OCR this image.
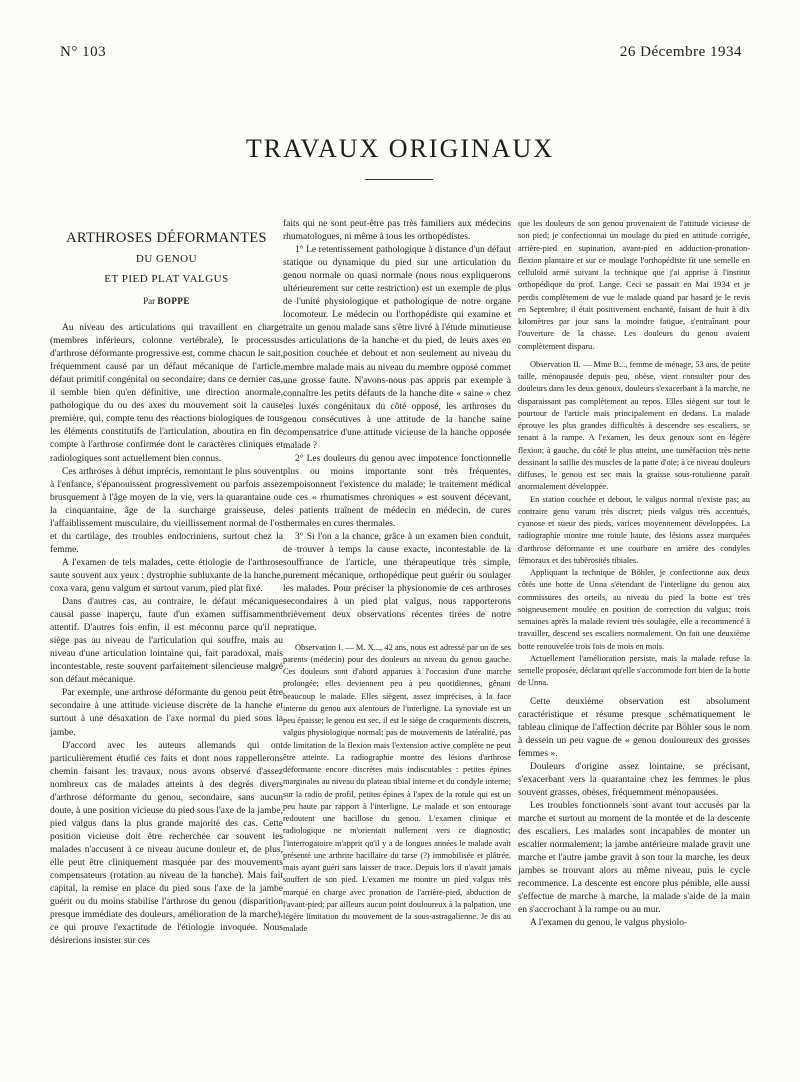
N° 103	26 Décembre 1934
TRAVAUX ORIGINAUX
ARTHROSES DÉFORMANTES
DU GENOU
ET PIED PLAT VALGUS
Par BOPPE

Au niveau des articulations qui travaillent en charge (membres inférieurs, colonne vertébrale), le processus d'arthrose déformante progressive est, comme chacun le sait, fréquemment causé par un défaut mécanique de l'article, défaut primitif congénital ou secondaire; dans ce dernier cas, il semble bien qu'en définitive, une direction anormale, pathologique du ou des axes du mouvement soit la cause première, qui, compte tenu des réactions biologiques de tous les éléments constitutifs de l'articulation, aboutira en fin de compte à l'arthrose confirmée dont le caractères cliniques et radiologiques sont actuellement bien connus.

Ces arthroses à début imprécis, remontant le plus souvent à l'enfance, s'épanouissent progressivement ou parfois assez brusquement à l'âge moyen de la vie, vers la quarantaine ou la cinquantaine, âge de la surcharge graisseuse, de l'affaiblissement musculaire, du vieillissement normal de l'os et du cartilage, des troubles endocriniens, surtout chez la femme.

A l'examen de tels malades, cette étiologie de l'arthrose saute souvent aux yeux : dystrophie subluxante de la hanche, coxa vara, genu valgum et surtout varum, pied plat fixé.

Dans d'autres cas, au contraire, le défaut mécanique causal passe inaperçu, faute d'un examen suffisamment attentif. D'autres fois enfin, il est méconnu parce qu'il ne siège pas au niveau de l'articulation qui souffre, mais au niveau d'une articulation lointaine qui, fait paradoxal, mais incontestable, reste souvent parfaitement silencieuse malgré son défaut mécanique.

Par exemple, une arthrose déformante du genou peut être secondaire à une attitude vicieuse discrète de la hanche et surtout à une désaxation de l'axe normal du pied sous la jambe.

D'accord avec les auteurs allemands qui ont particulièrement étudié ces faits et dont nous rappellerons chemin faisant les travaux, nous avons observé d'assez nombreux cas de malades atteints à des degrés divers d'arthrose déformante du genou, secondaire, sans aucun doute, à une position vicieuse du pied sous l'axe de la jambe, pied valgus dans la plus grande majorité des cas. Cette position vicieuse doit être recherchée car souvent les malades n'accusent à ce niveau aucune douleur et, de plus, elle peut être cliniquement masquée par des mouvements compensateurs (rotation au niveau de la hanche). Mais fait capital, la remise en place du pied sous l'axe de la jambe guérit ou du moins stabilise l'arthrose du genou (disparition presque immédiate des douleurs, amélioration de la marche), ce qui prouve l'exactitude de l'étiologie invoquée. Nous désirerions insister sur ces

faits qui ne sont peut-être pas très familiers aux médecins rhumatologues, ni même à tous les orthopédistes.

1° Le retentissement pathologique à distance d'un défaut statique ou dynamique du pied sur une articulation du genou normale ou quasi normale (nous nous expliquerons ultérieurement sur cette restriction) est un exemple de plus de l'unité physiologique et pathologique de notre organe locomoteur. Le médecin ou l'orthopédiste qui examine et traite un genou malade sans s'être livré à l'étude minutieuse des articulations de la hanche et du pied, de leurs axes en position couchée et debout et non seulement au niveau du membre malade mais au niveau du membre opposé commet une grosse faute. N'avons-nous pas appris par exemple à connaître les petits défauts de la hanche dite « saine » chez les luxés congénitaux du côté opposé, les arthroses du genou consécutives à une attitude de la hanche saine compensatrice d'une attitude vicieuse de la hanche opposée malade ?

2° Les douleurs du genou avec impotence fonctionnelle plus ou moins importante sont très fréquentes, empoisonnent l'existence du malade; le traitement médical de ces « rhumatismes chroniques » est souvent décevant, les patients traînent de médecin en médecin, de cures thermales en cures thermales.

3° Si l'on a la chance, grâce à un examen bien conduit, de trouver à temps la cause exacte, incontestable de la souffrance de l'article, une thérapeutique très simple, purement mécanique, orthopédique peut guérir ou soulager les malades. Pour préciser la physionomie de ces arthroses secondaires à un pied plat valgus, nous rapporterons brièvement deux observations récentes tirées de notre pratique.

Observation I. — M. X..., 42 ans, nous est adressé par un de ses parents (médecin) pour des douleurs au niveau du genou gauche. Ces douleurs sont d'abord apparues à l'occasion d'une marche prolongée; elles deviennent peu à peu quotidiennes, gênant beaucoup le malade. Elles siègent, assez imprécises, à la face interne du genou aux alentours de l'interligne. La synoviale est un peu épaisse; le genou est sec, il est le siège de craquements discrets, valgus physiologique normal; pas de mouvements de latéralité, pas de limitation de la flexion mais l'extension active complète ne peut être atteinte. La radiographie montre des lésions d'arthrose déformante encore discrètes mais indiscutables : petites épines marginales au niveau du plateau tibial interne et du condyle interne; sur la radio de profil, petites épines à l'apex de la rotule qui est un peu haute par rapport à l'interligne. Le malade et son entourage redoutent une bacillose du genou. L'examen clinique et radiologique ne m'orientait nullement vers ce diagnostic; l'interrogatoire m'apprit qu'il y a de longues années le malade avait présenté une arthrite bacillaire du tarse (?) immobilisée et plâtrée, mais ayant guéri sans laisser de trace. Depuis lors il n'avait jamais souffert de son pied. L'examen me montre un pied valgus très marqué en charge avec pronation de l'arrière-pied, abduction de l'avant-pied; par ailleurs aucun point douloureux à la palpation, une légère limitation du mouvement de la sous-astragalienne. Je dis au malade

que les douleurs de son genou provenaient de l'attitude vicieuse de son pied; je confectionnai un moulage du pied en attitude corrigée, arrière-pied en supination, avant-pied en adduction-pronation-flexion plantaire et sur ce moulage l'orthopédiste fit une semelle en celluloïd armé suivant la technique que j'ai apprise à l'institut orthopédique du prof. Lange. Ceci se passait en Mai 1934 et je perdis complètement de vue le malade quand par hasard je le revis en Septembre; il était positivement enchanté, faisant de huit à dix kilomètres par jour sans la moindre fatigue, s'entraînant pour l'ouverture de la chasse. Les douleurs du genou avaient complètement disparu.

Observation II. — Mme B..., femme de ménage, 53 ans, de petite taille, ménopausée depuis peu, obèse, vient consulter pour des douleurs dans les deux genoux, douleurs s'exacerbant à la marche, ne disparaissant pas complètement au repos. Elles siègent sur tout le pourtour de l'article mais principalement en dedans. La malade éprouve les plus grandes difficultés à descendre ses escaliers, se tenant à la rampe. A l'examen, les deux genoux sont en légère flexion; à gauche, du côté le plus atteint, une tuméfaction très nette dessinant la saillie des muscles de la patte d'oie; à ce niveau douleurs diffuses, le genou est sec mais la graisse sous-rotulienne paraît anormalement développée.

En station couchée et debout, le valgus normal n'existe pas; au contraire genu varum très discret; pieds valgus très accentués, cyanose et sueur des pieds, varices moyennement développées. La radiographie montre une rotule haute, des lésions assez marquées d'arthrose déformante et une courbure en arrière des condyles fémoraux et des tubérosités tibiales.

Appliquant la technique de Böhler, je confectionne aux deux côtés une botte de Unna s'étendant de l'interligne du genou aux commissures des orteils, au niveau du pied la botte est très soigneusement moulée en position de correction du valgus; trois semaines après la malade revient très soulagée, elle a recommencé à travailler, descend ses escaliers normalement. On fait une deuxième botte renouvelée trois fois de mois en mois.

Actuellement l'amélioration persiste, mais la malade refuse la semelle proposée, déclarant qu'elle s'accommode fort bien de la botte de Unna.

Cette deuxième observation est absolument caractéristique et résume presque schématiquement le tableau clinique de l'affection décrite par Böhler sous le nom à dessein un peu vague de « genou douloureux des grosses femmes ».

Douleurs d'origine assez lointaine, se précisant, s'exacerbant vers la quarantaine chez les femmes le plus souvent grasses, obèses, fréquemment ménopausées.

Les troubles fonctionnels sont avant tout accusés par la marche et surtout au moment de la montée et de la descente des escaliers. Les malades sont incapables de monter un escalier normalement; la jambe antérieure malade gravit une marche et l'autre jambe gravit à son tour la marche, les deux jambes se trouvant alors au même niveau, puis le cycle recommence. La descente est encore plus pénible, elle aussi s'effectue de marche à marche, la malade s'aide de la main en s'accrochant à la rampe ou au mur.

A l'examen du genou, le valgus physiolo-
